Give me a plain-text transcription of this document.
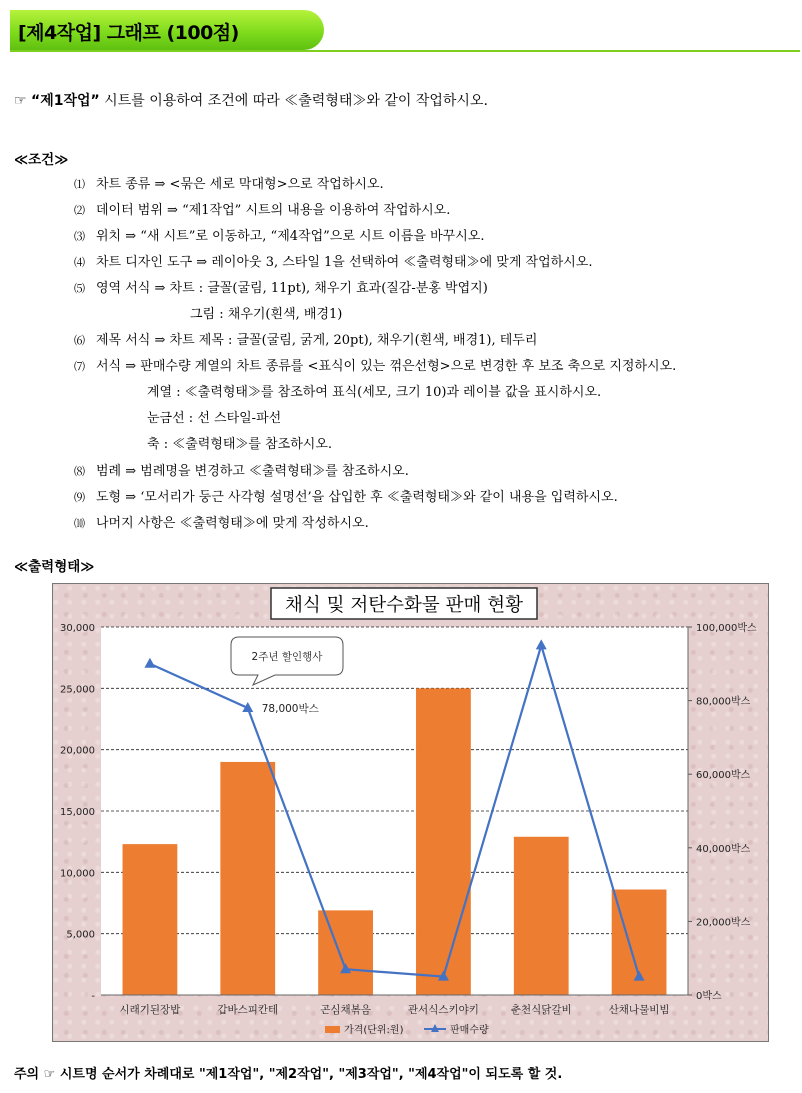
[제4작업] 그래프 (100점)
☞ “제1작업” 시트를 이용하여 조건에 따라 ≪출력형태≫와 같이 작업하시오.
≪조건≫
⑴ 차트 종류 ⇒ <묶은 세로 막대형>으로 작업하시오.
⑵ 데이터 범위 ⇒ “제1작업” 시트의 내용을 이용하여 작업하시오.
⑶ 위치 ⇒ “새 시트”로 이동하고, “제4작업”으로 시트 이름을 바꾸시오.
⑷ 차트 디자인 도구 ⇒ 레이아웃 3, 스타일 1을 선택하여 ≪출력형태≫에 맞게 작업하시오.
⑸ 영역 서식 ⇒ 차트 : 글꼴(굴림, 11pt), 채우기 효과(질감-분홍 박엽지)
그림 : 채우기(흰색, 배경1)
⑹ 제목 서식 ⇒ 차트 제목 : 글꼴(굴림, 굵게, 20pt), 채우기(흰색, 배경1), 테두리
⑺ 서식 ⇒ 판매수량 계열의 차트 종류를 <표식이 있는 꺾은선형>으로 변경한 후 보조 축으로 지정하시오.
계열 : ≪출력형태≫를 참조하여 표식(세모, 크기 10)과 레이블 값을 표시하시오.
눈금선 : 선 스타일-파선
축 : ≪출력형태≫를 참조하시오.
⑻ 범례 ⇒ 범례명을 변경하고 ≪출력형태≫를 참조하시오.
⑼ 도형 ⇒ ‘모서리가 둥근 사각형 설명선’을 삽입한 후 ≪출력형태≫와 같이 내용을 입력하시오.
⑽ 나머지 사항은 ≪출력형태≫에 맞게 작성하시오.
≪출력형태≫
-
5,000
10,000
15,000
20,000
25,000
30,000
0박스
20,000박스
40,000박스
60,000박스
80,000박스
100,000박스
시래기된장밥	갑바스피칸테	곤심채볶음	관서식스키야키	춘천식닭갈비	산채나물비빔
78,000박스
2주년 할인행사
채식 및 저탄수화물 판매 현황
가격(단위:원)	판매수량
주의 ☞ 시트명 순서가 차례대로 "제1작업", "제2작업", "제3작업", "제4작업"이 되도록 할 것.
